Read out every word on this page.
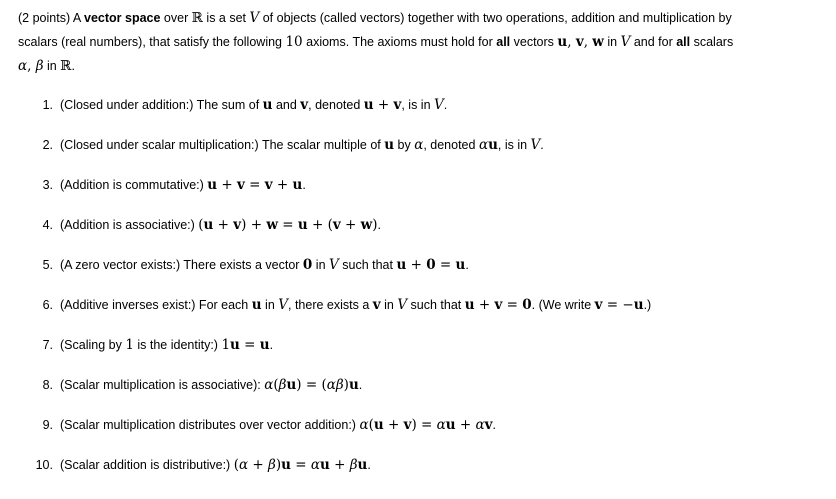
(2 points) A vector space over ℝ is a set V of objects (called vectors) together with two operations, addition and multiplication by
scalars (real numbers), that satisfy the following 10 axioms. The axioms must hold for all vectors u, v, w in V and for all scalars
α, β in ℝ.
1. (Closed under addition:) The sum of u and v, denoted u + v, is in V.
2. (Closed under scalar multiplication:) The scalar multiple of u by α, denoted αu, is in V.
3. (Addition is commutative:) u + v = v + u.
4. (Addition is associative:) (u + v) + w = u + (v + w).
5. (A zero vector exists:) There exists a vector 0 in V such that u + 0 = u.
6. (Additive inverses exist:) For each u in V, there exists a v in V such that u + v = 0. (We write v = −u.)
7. (Scaling by 1 is the identity:) 1u = u.
8. (Scalar multiplication is associative): α(βu) = (αβ)u.
9. (Scalar multiplication distributes over vector addition:) α(u + v) = αu + αv.
10. (Scalar addition is distributive:) (α + β)u = αu + βu.
